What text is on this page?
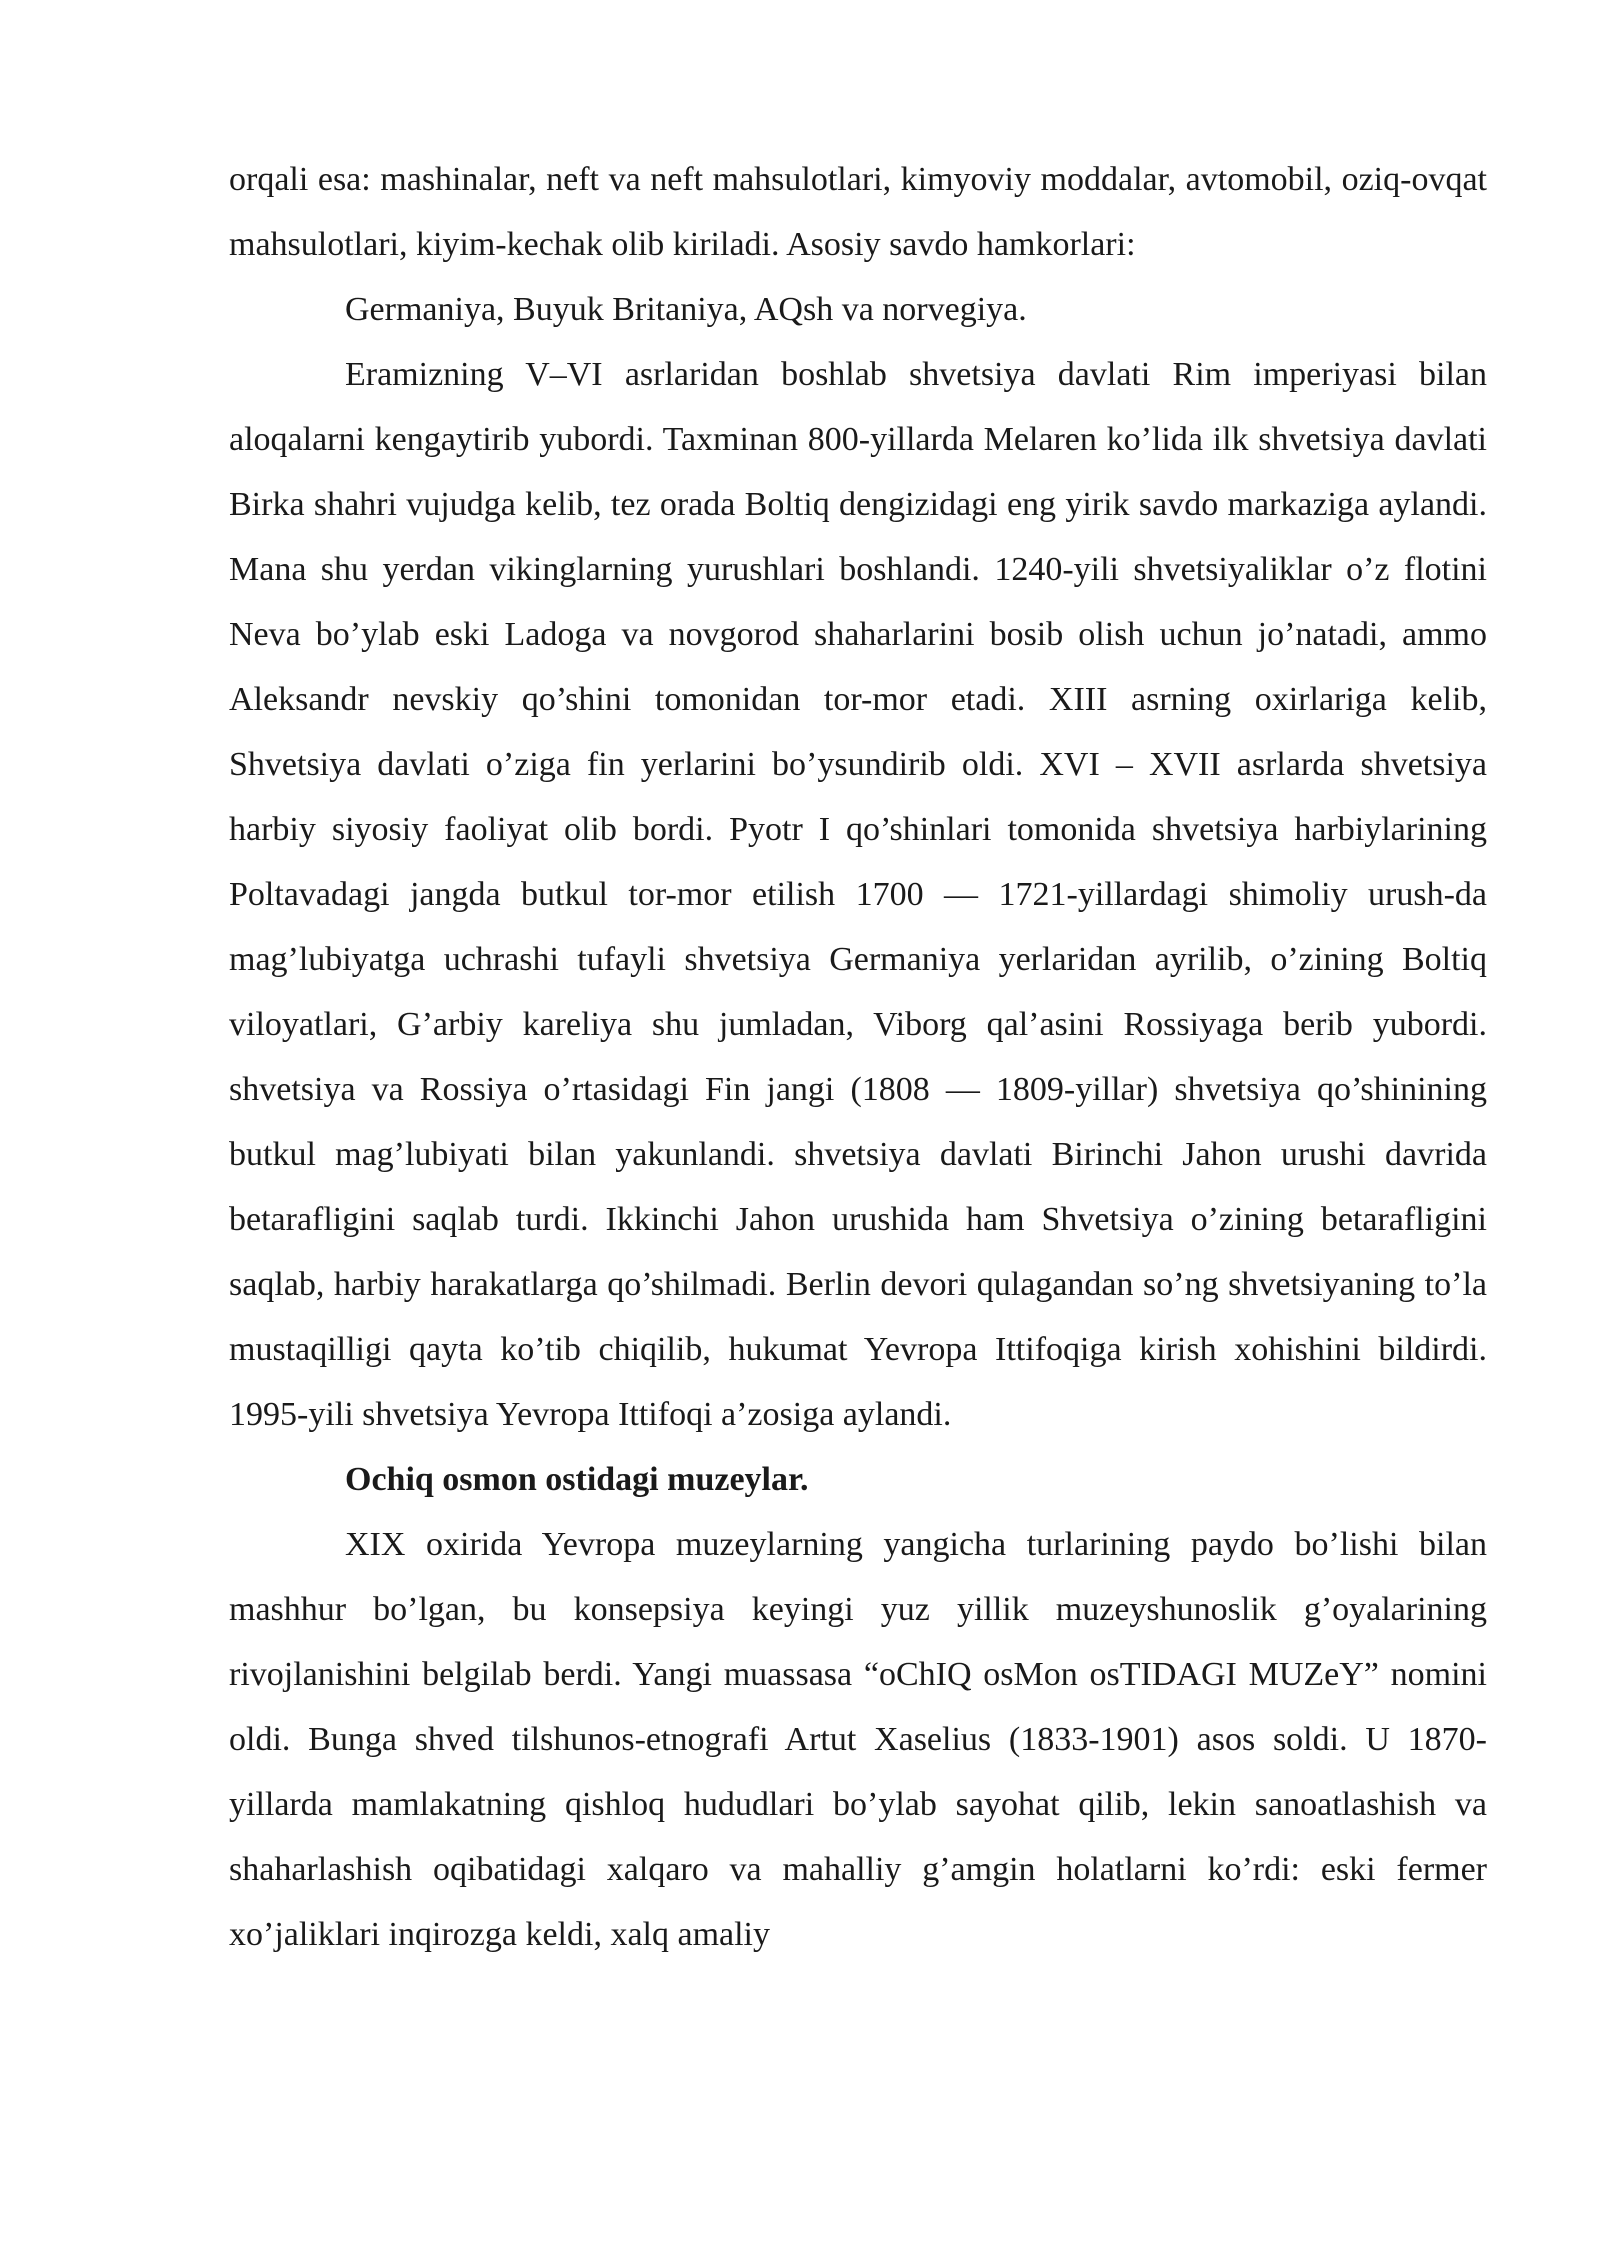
orqali esa: mashinalar, neft va neft mahsulotlari, kimyoviy moddalar, avtomobil, oziq-ovqat mahsulotlari, kiyim-kechak olib kiriladi. Asosiy savdo hamkorlari:

Germaniya, Buyuk Britaniya, AQsh va norvegiya.

Eramizning V–VI asrlaridan boshlab shvetsiya davlati Rim imperiyasi bilan aloqalarni kengaytirib yubordi. Taxminan 800-yillarda Melaren ko’lida ilk shvetsiya davlati Birka shahri vujudga kelib, tez orada Boltiq dengizidagi eng yirik savdo markaziga aylandi. Mana shu yerdan vikinglarning yurushlari boshlandi. 1240-yili shvetsiyaliklar o’z flotini Neva bo’ylab eski Ladoga va novgorod shaharlarini bosib olish uchun jo’natadi, ammo Aleksandr nevskiy qo’shini tomonidan tor-mor etadi. XIII asrning oxirlariga kelib, Shvetsiya davlati o’ziga fin yerlarini bo’ysundirib oldi. XVI – XVII asrlarda shvetsiya harbiy siyosiy faoliyat olib bordi. Pyotr I qo’shinlari tomonida shvetsiya harbiylarining Poltavadagi jangda butkul tor-mor etilish 1700 — 1721-yillardagi shimoliy urush-da mag’lubiyatga uchrashi tufayli shvetsiya Germaniya yerlaridan ayrilib, o’zining Boltiq viloyatlari, G’arbiy kareliya shu jumladan, Viborg qal’asini Rossiyaga berib yubordi. shvetsiya va Rossiya o’rtasidagi Fin jangi (1808 — 1809-yillar) shvetsiya qo’shinining butkul mag’lubiyati bilan yakunlandi. shvetsiya davlati Birinchi Jahon urushi davrida betarafligini saqlab turdi. Ikkinchi Jahon urushida ham Shvetsiya o’zining betarafligini saqlab, harbiy harakatlarga qo’shilmadi. Berlin devori qulagandan so’ng shvetsiyaning to’la mustaqilligi qayta ko’tib chiqilib, hukumat Yevropa Ittifoqiga kirish xohishini bildirdi. 1995-yili shvetsiya Yevropa Ittifoqi a’zosiga aylandi.

Ochiq osmon ostidagi muzeylar.

XIX oxirida Yevropa muzeylarning yangicha turlarining paydo bo’lishi bilan mashhur bo’lgan, bu konsepsiya keyingi yuz yillik muzeyshunoslik g’oyalarining rivojlanishini belgilab berdi. Yangi muassasa “oChIQ osMon osTIDAGI MUZeY” nomini oldi. Bunga shved tilshunos-etnografi Artut Xaselius (1833-1901) asos soldi. U 1870-yillarda mamlakatning qishloq hududlari bo’ylab sayohat qilib, lekin sanoatlashish va shaharlashish oqibatidagi xalqaro va mahalliy g’amgin holatlarni ko’rdi: eski fermer xo’jaliklari inqirozga keldi, xalq amaliy
